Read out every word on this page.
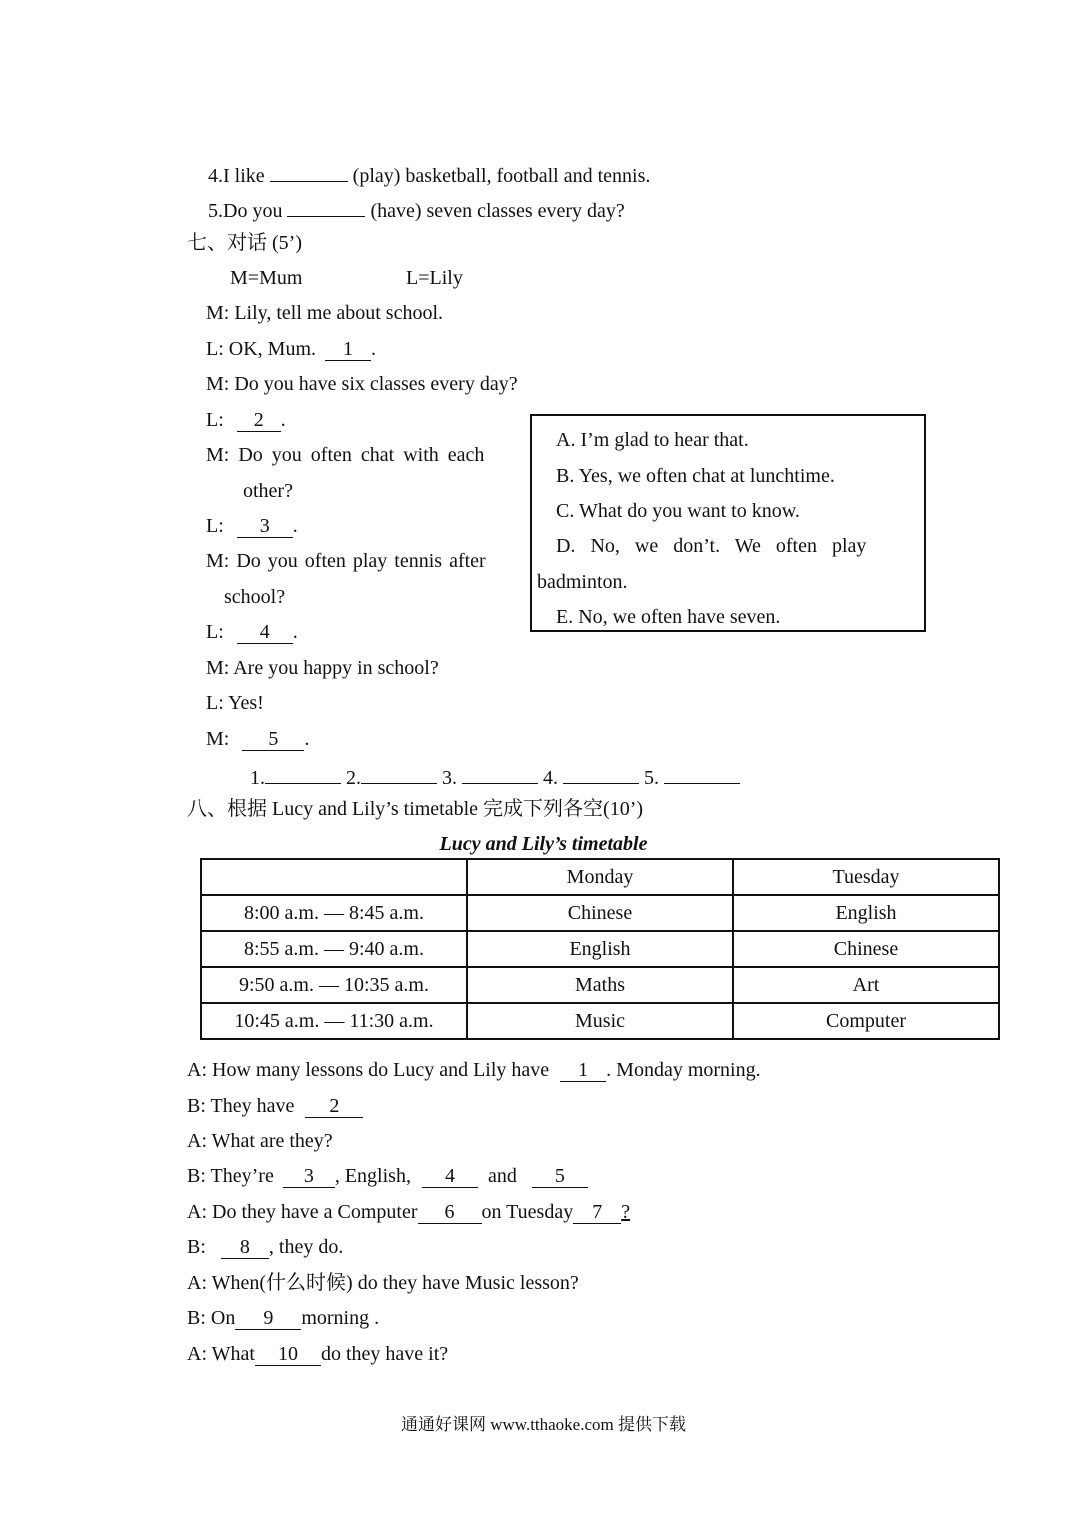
4.I like	(play) basketball, football and tennis.
5.Do you	(have) seven classes every day?
七、对话 (5’)
M=Mum	L=Lily
M: Lily, tell me about school.
L: OK, Mum. 1 .
M: Do you have six classes every day?
L: 2 .
M: Do you often chat with each
other?
L: 3 .
M: Do you often play tennis after
school?
L: 4 .
M: Are you happy in school?
L: Yes!
M: 5 .
A. I’m glad to hear that.
B. Yes, we often chat at lunchtime.
C. What do you want to know.
D.   No,   we   don’t.   We   often   play
badminton.
E. No, we often have seven.
1.	2.	3.	4.	5.
八、根据 Lucy and Lily’s timetable 完成下列各空(10’)
Lucy and Lily’s timetable
	Monday	Tuesday
8:00 a.m. — 8:45 a.m.	Chinese	English
8:55 a.m. — 9:40 a.m.	English	Chinese
9:50 a.m. — 10:35 a.m.	Maths	Art
10:45 a.m. — 11:30 a.m.	Music	Computer
A: How many lessons do Lucy and Lily have 1 . Monday morning.
B: They have 2
A: What are they?
B: They’re 3 , English, 4  and 5
A: Do they have a Computer 6 on Tuesday 7 ?
B: 8 , they do.
A: When(什么时候) do they have Music lesson?
B: On 9 morning .
A: What 10 do they have it?
通通好课网 www.tthaoke.com 提供下载
